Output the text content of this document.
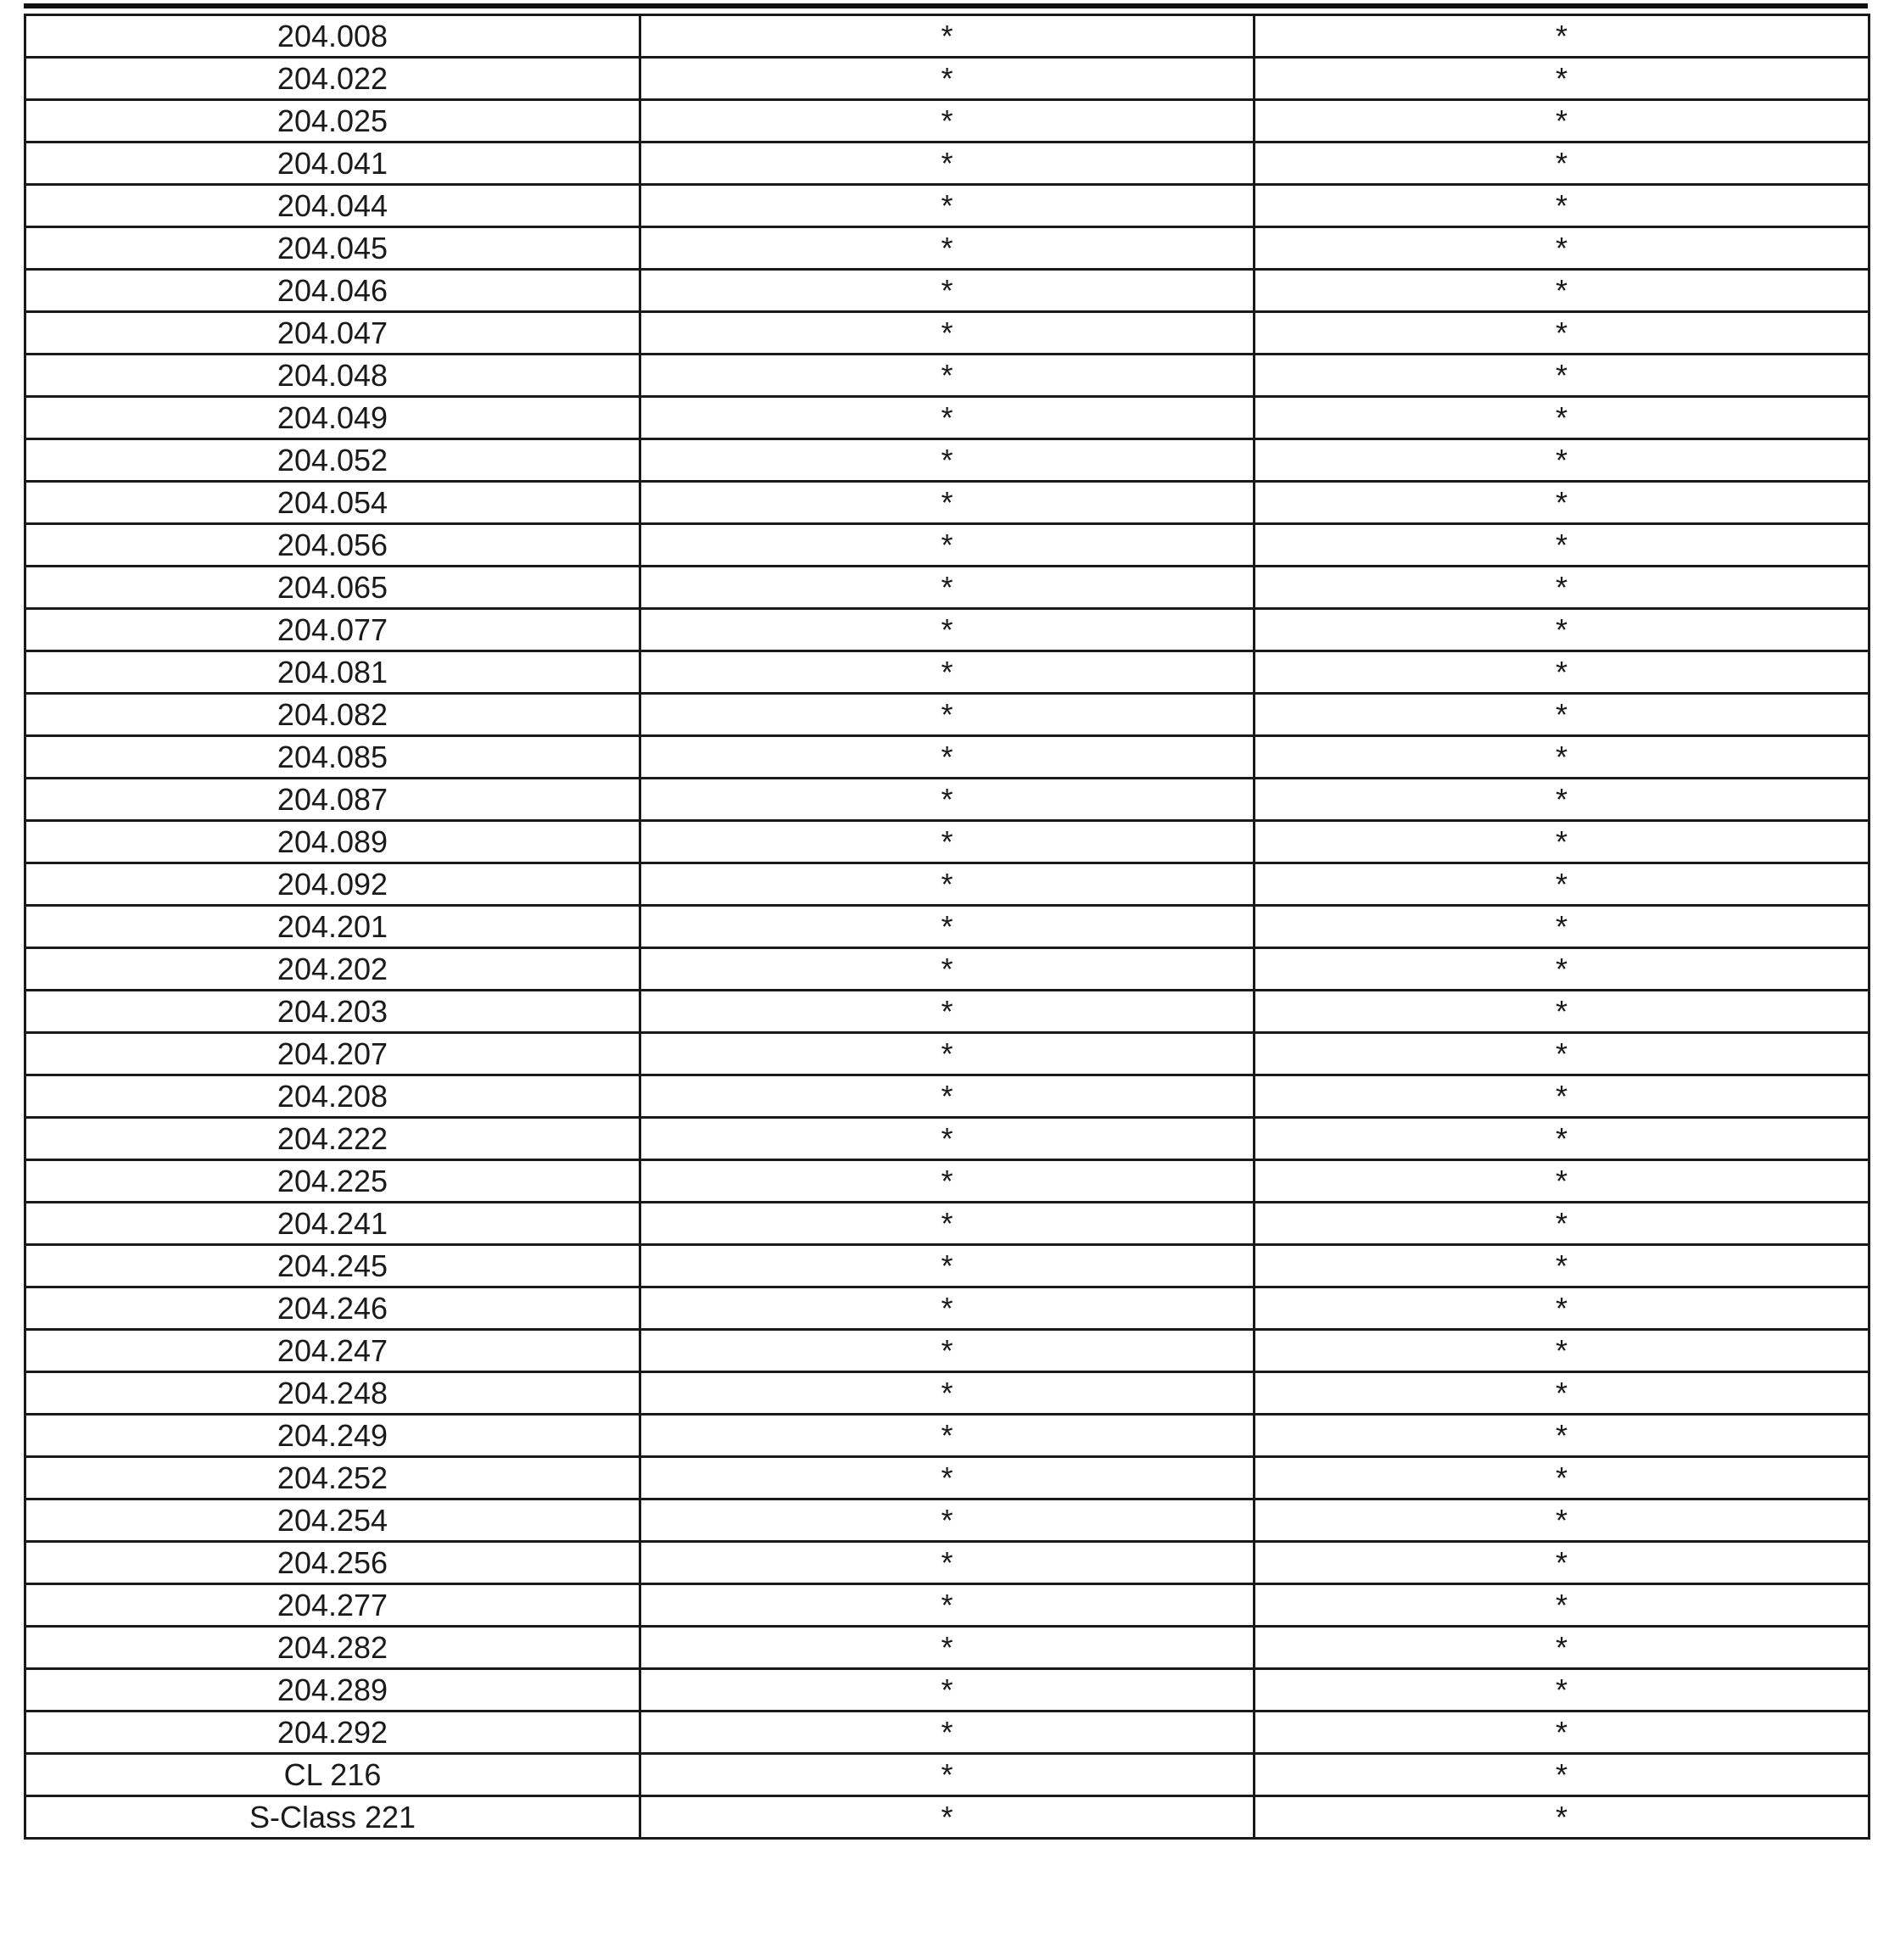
204.008	*	*
204.022	*	*
204.025	*	*
204.041	*	*
204.044	*	*
204.045	*	*
204.046	*	*
204.047	*	*
204.048	*	*
204.049	*	*
204.052	*	*
204.054	*	*
204.056	*	*
204.065	*	*
204.077	*	*
204.081	*	*
204.082	*	*
204.085	*	*
204.087	*	*
204.089	*	*
204.092	*	*
204.201	*	*
204.202	*	*
204.203	*	*
204.207	*	*
204.208	*	*
204.222	*	*
204.225	*	*
204.241	*	*
204.245	*	*
204.246	*	*
204.247	*	*
204.248	*	*
204.249	*	*
204.252	*	*
204.254	*	*
204.256	*	*
204.277	*	*
204.282	*	*
204.289	*	*
204.292	*	*
CL 216	*	*
S-Class 221	*	*
